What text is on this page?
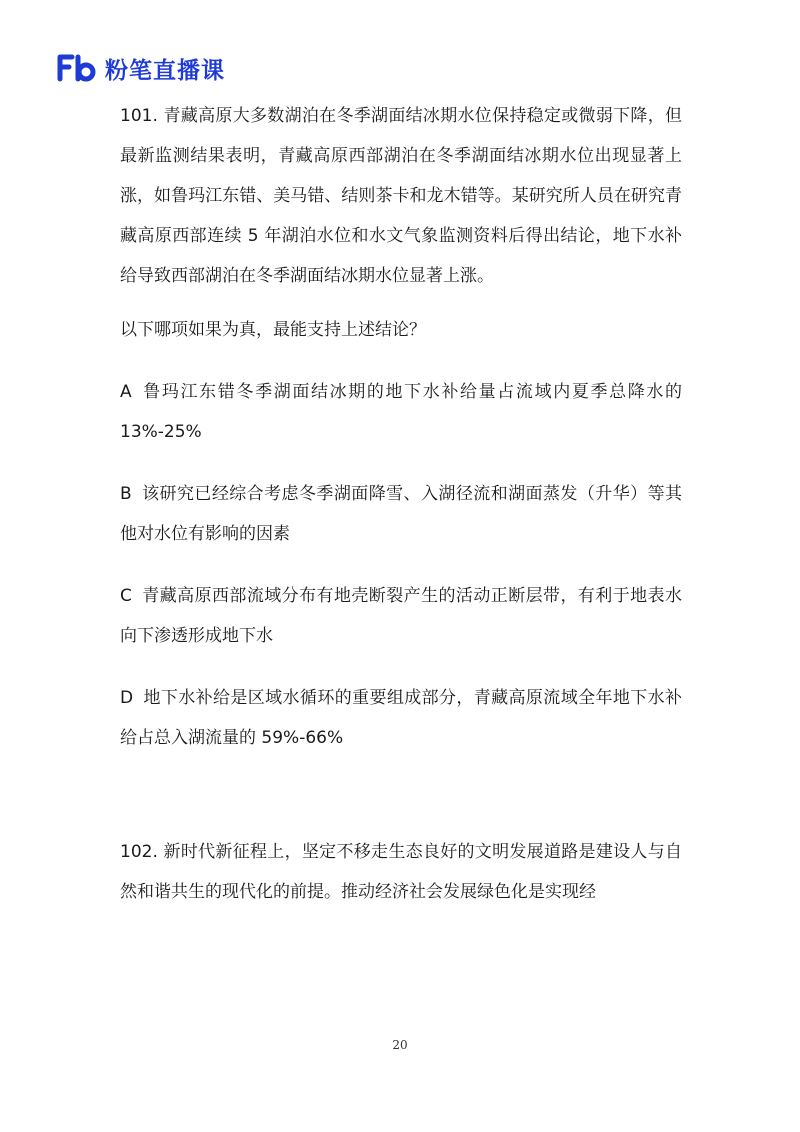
粉笔直播课

101. 青藏高原大多数湖泊在冬季湖面结冰期水位保持稳定或微弱下降，但最新监测结果表明，青藏高原西部湖泊在冬季湖面结冰期水位出现显著上涨，如鲁玛江东错、美马错、结则茶卡和龙木错等。某研究所人员在研究青藏高原西部连续 5 年湖泊水位和水文气象监测资料后得出结论，地下水补给导致西部湖泊在冬季湖面结冰期水位显著上涨。

以下哪项如果为真，最能支持上述结论？

A 鲁玛江东错冬季湖面结冰期的地下水补给量占流域内夏季总降水的 13%-25%

B 该研究已经综合考虑冬季湖面降雪、入湖径流和湖面蒸发（升华）等其他对水位有影响的因素

C 青藏高原西部流域分布有地壳断裂产生的活动正断层带，有利于地表水向下渗透形成地下水

D 地下水补给是区域水循环的重要组成部分，青藏高原流域全年地下水补给占总入湖流量的 59%-66%

102. 新时代新征程上，坚定不移走生态良好的文明发展道路是建设人与自然和谐共生的现代化的前提。推动经济社会发展绿色化是实现经

20
